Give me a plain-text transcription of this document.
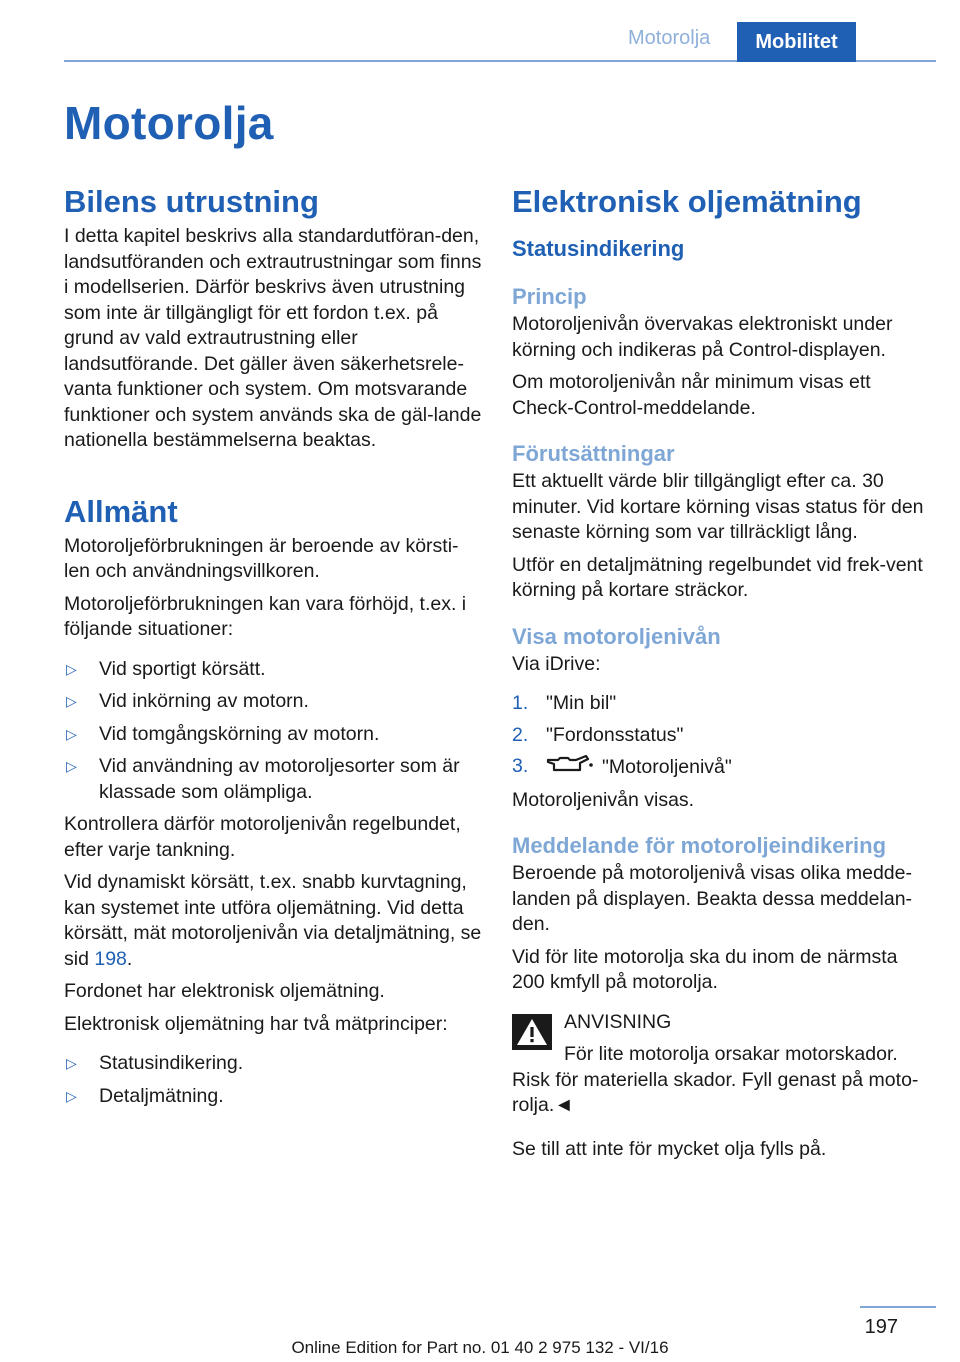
Motorolja	Mobilitet
Motorolja
Bilens utrustning

I detta kapitel beskrivs alla standardutföran-den, landsutföranden och extrautrustningar som finns i modellserien. Därför beskrivs även utrustning som inte är tillgängligt för ett fordon t.ex. på grund av vald extrautrustning eller landsutförande. Det gäller även säkerhetsrele-vanta funktioner och system. Om motsvarande funktioner och system används ska de gäl-lande nationella bestämmelserna beaktas.

Allmänt

Motoroljeförbrukningen är beroende av körsti-len och användningsvillkoren.

Motoroljeförbrukningen kan vara förhöjd, t.ex. i följande situationer:

▷ Vid sportigt körsätt.
▷ Vid inkörning av motorn.
▷ Vid tomgångskörning av motorn.
▷ Vid användning av motoroljesorter som är klassade som olämpliga.

Kontrollera därför motoroljenivån regelbundet, efter varje tankning.

Vid dynamiskt körsätt, t.ex. snabb kurvtagning, kan systemet inte utföra oljemätning. Vid detta körsätt, mät motoroljenivån via detaljmätning, se sid 198.

Fordonet har elektronisk oljemätning.

Elektronisk oljemätning har två mätprinciper:

▷ Statusindikering.
▷ Detaljmätning.
Elektronisk oljemätning
Statusindikering
Princip

Motoroljenivån övervakas elektroniskt under körning och indikeras på Control-displayen.

Om motoroljenivån når minimum visas ett Check-Control-meddelande.

Förutsättningar

Ett aktuellt värde blir tillgängligt efter ca. 30 minuter. Vid kortare körning visas status för den senaste körning som var tillräckligt lång.

Utför en detaljmätning regelbundet vid frek-vent körning på kortare sträckor.

Visa motoroljenivån

Via iDrive:

1. "Min bil"
2. "Fordonsstatus"
3.	"Motoroljenivå"

Motoroljenivån visas.

Meddelande för motoroljeindikering

Beroende på motoroljenivå visas olika medde-landen på displayen. Beakta dessa meddelan-den.

Vid för lite motorolja ska du inom de närmsta 200 kmfyll på motorolja.

ANVISNING

För lite motorolja orsakar motorskador.

Risk för materiella skador. Fyll genast på moto-rolja.◄

Se till att inte för mycket olja fylls på.

197
Online Edition for Part no. 01 40 2 975 132 - VI/16
